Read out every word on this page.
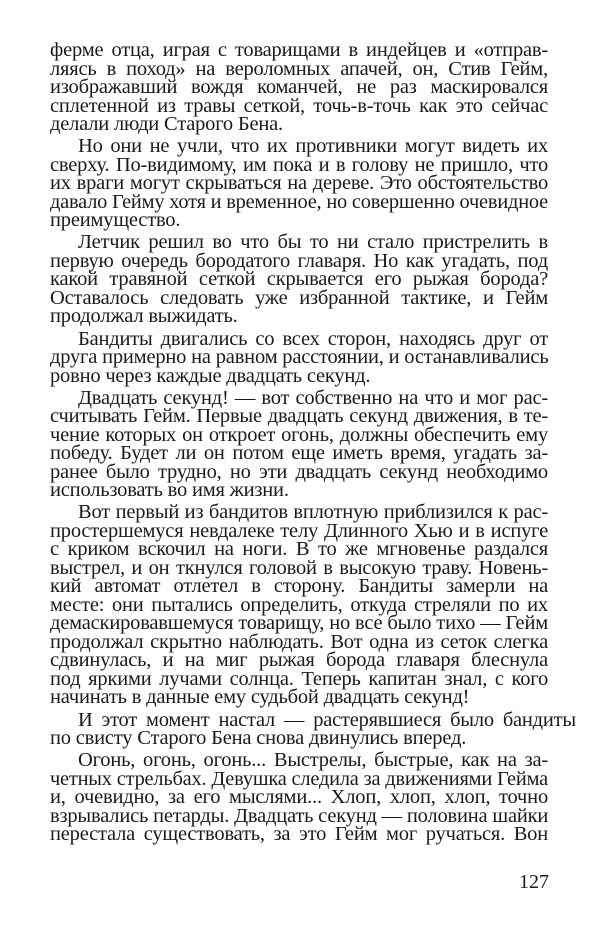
ферме отца, играя с товарищами в индейцев и «отправ-
ляясь в поход» на вероломных апачей, он, Стив Гейм,
изображавший вождя команчей, не раз маскировался
сплетенной из травы сеткой, точь-в-точь как это сейчас
делали люди Старого Бена.
Но они не учли, что их противники могут видеть их
сверху. По-видимому, им пока и в голову не пришло, что
их враги могут скрываться на дереве. Это обстоятельство
давало Гейму хотя и временное, но совершенно очевидное
преимущество.
Летчик решил во что бы то ни стало пристрелить в
первую очередь бородатого главаря. Но как угадать, под
какой травяной сеткой скрывается его рыжая борода?
Оставалось следовать уже избранной тактике, и Гейм
продолжал выжидать.
Бандиты двигались со всех сторон, находясь друг от
друга примерно на равном расстоянии, и останавливались
ровно через каждые двадцать секунд.
Двадцать секунд! — вот собственно на что и мог рас-
считывать Гейм. Первые двадцать секунд движения, в те-
чение которых он откроет огонь, должны обеспечить ему
победу. Будет ли он потом еще иметь время, угадать за-
ранее было трудно, но эти двадцать секунд необходимо
использовать во имя жизни.
Вот первый из бандитов вплотную приблизился к рас-
простершемуся невдалеке телу Длинного Хью и в испуге
с криком вскочил на ноги. В то же мгновенье раздался
выстрел, и он ткнулся головой в высокую траву. Новень-
кий автомат отлетел в сторону. Бандиты замерли на
месте: они пытались определить, откуда стреляли по их
демаскировавшемуся товарищу, но все было тихо — Гейм
продолжал скрытно наблюдать. Вот одна из сеток слегка
сдвинулась, и на миг рыжая борода главаря блеснула
под яркими лучами солнца. Теперь капитан знал, с кого
начинать в данные ему судьбой двадцать секунд!
И этот момент настал — растерявшиеся было бандиты
по свисту Старого Бена снова двинулись вперед.
Огонь, огонь, огонь... Выстрелы, быстрые, как на за-
четных стрельбах. Девушка следила за движениями Гейма
и, очевидно, за его мыслями... Хлоп, хлоп, хлоп, точно
взрывались петарды. Двадцать секунд — половина шайки
перестала существовать, за это Гейм мог ручаться. Вон
127
